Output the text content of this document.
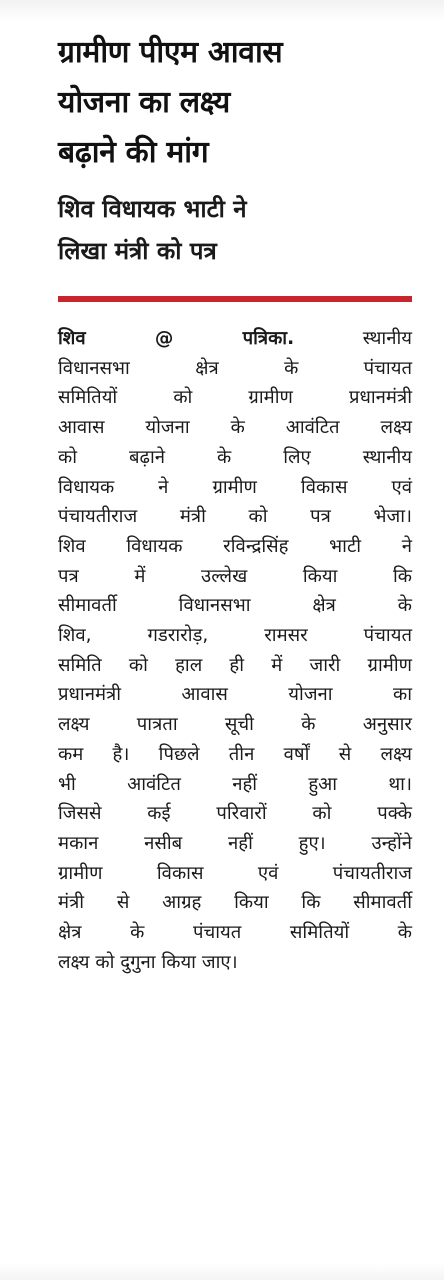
ग्रामीण पीएम आवास
योजना का लक्ष्य
बढ़ाने की मांग
शिव विधायक भाटी ने
लिखा मंत्री को पत्र
शिव @ पत्रिका. स्थानीय
विधानसभा क्षेत्र के पंचायत
समितियों को ग्रामीण प्रधानमंत्री
आवास योजना के आवंटित लक्ष्य
को बढ़ाने के लिए स्थानीय
विधायक ने ग्रामीण विकास एवं
पंचायतीराज मंत्री को पत्र भेजा।
शिव विधायक रविन्द्रसिंह भाटी ने
पत्र में उल्लेख किया कि
सीमावर्ती विधानसभा क्षेत्र के
शिव, गडरारोड़, रामसर पंचायत
समिति को हाल ही में जारी ग्रामीण
प्रधानमंत्री आवास योजना का
लक्ष्य पात्रता सूची के अनुसार
कम है। पिछले तीन वर्षों से लक्ष्य
भी आवंटित नहीं हुआ था।
जिससे कई परिवारों को पक्के
मकान नसीब नहीं हुए। उन्होंने
ग्रामीण विकास एवं पंचायतीराज
मंत्री से आग्रह किया कि सीमावर्ती
क्षेत्र के पंचायत समितियों के
लक्ष्य को दुगुना किया जाए।
